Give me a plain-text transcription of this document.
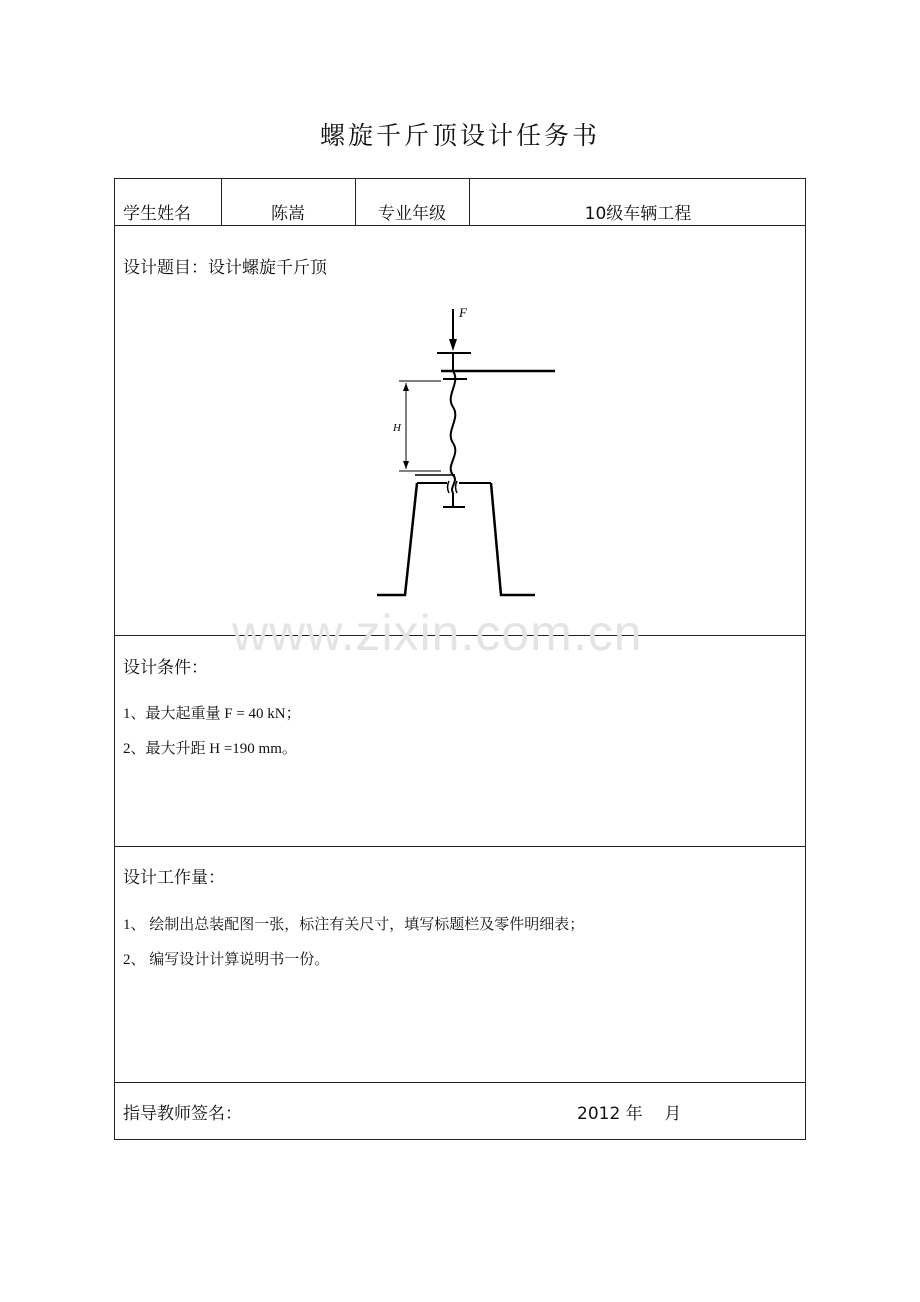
螺旋千斤顶设计任务书
学生姓名	陈嵩	专业年级	10级车辆工程
设计题目：设计螺旋千斤顶
F
H
设计条件：
1、最大起重量 F = 40 kN；
2、最大升距 H =190 mm。
设计工作量：
1、 绘制出总装配图一张，标注有关尺寸，填写标题栏及零件明细表；
2、 编写设计计算说明书一份。
指导教师签名：	2012 年    月
www.zixin.com.cn
